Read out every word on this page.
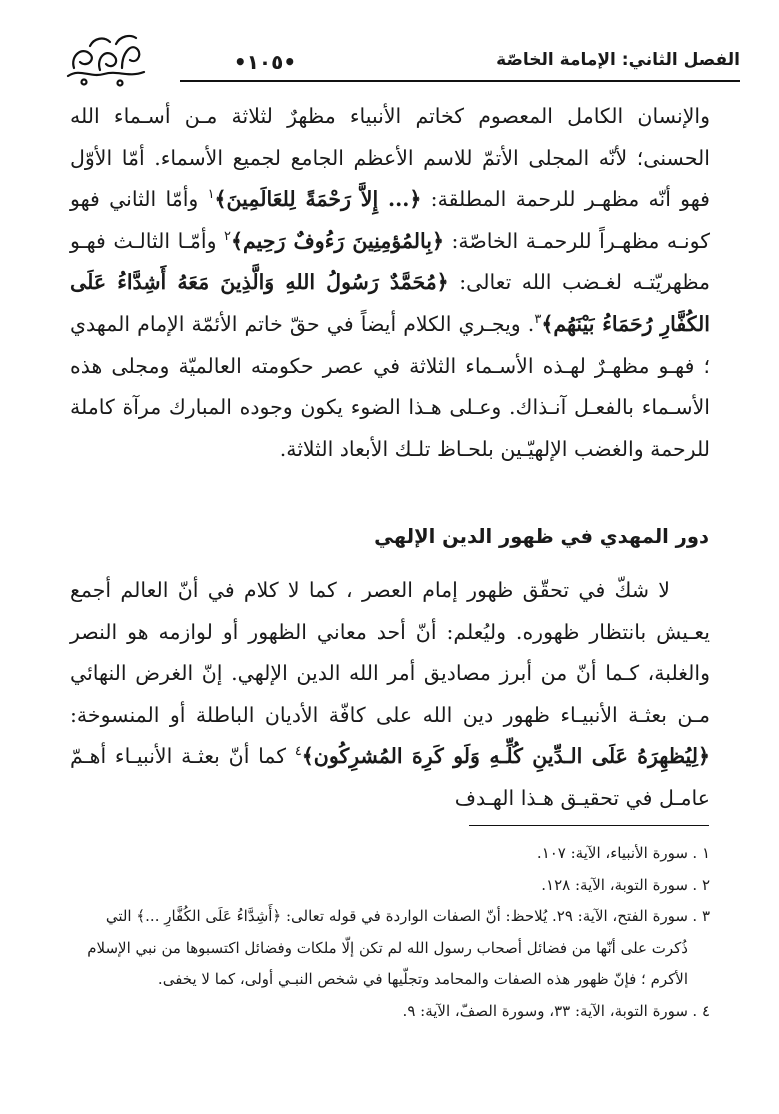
•١٠٥•	الفصل الثاني: الإمامة الخاصّة

والإنسان الكامل المعصوم كخاتم الأنبياء مظهرٌ لثلاثة مـن أسـماء الله الحسنى؛ لأنّه المجلى الأتمّ للاسم الأعظم الجامع لجميع الأسماء. أمّا الأوّل فهو أنّه مظهـر للرحمة المطلقة: ﴿... إِلاَّ رَحْمَةً لِلعَالَمِينَ﴾$^١$ وأمّا الثاني فهو كونـه مظهـراً للرحمـة الخاصّة: ﴿بِالمُؤمِنِينَ رَءُوفٌ رَحِيم﴾$^٢$ وأمّـا الثالـث فهـو مظهريّتـه لغـضب الله تعالى: ﴿مُحَمَّدٌ رَسُولُ اللهِ وَالَّذِينَ مَعَهُ أَشِدَّاءُ عَلَى الكُفَّارِ رُحَمَاءُ بَيْنَهُم﴾$^٣$. ويجـري الكلام أيضاً في حقّ خاتم الأئمّة الإمام المهدي ؛ فهـو مظهـرٌ لهـذه الأسـماء الثلاثة في عصر حكومته العالميّة ومجلى هذه الأسـماء بالفعـل آنـذاك. وعـلى هـذا الضوء يكون وجوده المبارك مرآة كاملة للرحمة والغضب الإلهيّـين بلحـاظ تلـك الأبعاد الثلاثة.

دور المهدي في ظهور الدين الإلهي

لا شكّ في تحقّق ظهور إمام العصر ، كما لا كلام في أنّ العالم أجمع يعـيش بانتظار ظهوره. وليُعلم: أنّ أحد معاني الظهور أو لوازمه هو النصر والغلبة، كـما أنّ من أبرز مصاديق أمر الله الدين الإلهي. إنّ الغرض النهائي مـن بعثـة الأنبيـاء ظهور دين الله على كافّة الأديان الباطلة أو المنسوخة: ﴿لِيُظهِرَهُ عَلَى الـدِّينِ كُلِّـهِ وَلَو كَرِهَ المُشرِكُون﴾$^٤$ كما أنّ بعثـة الأنبيـاء أهـمّ عامـل في تحقيـق هـذا الهـدف

١ .سورة الأنبياء، الآية: ١٠٧.

٢ .سورة التوبة، الآية: ١٢٨.

٣ .سورة الفتح، الآية: ٢٩. يُلاحظ: أنّ الصفات الواردة في قوله تعالى: ﴿أَشِدَّاءُ عَلَى الكُفَّارِ ...﴾ التي ذُكرت على أنّها من فضائل أصحاب رسول الله لم تكن إلّا ملكات وفضائل اكتسبوها من نبي الإسلام الأكرم ؛ فإنّ ظهور هذه الصفات والمحامد وتجلّيها في شخص النبـي أولى، كما لا يخفى.

٤ .سورة التوبة، الآية: ٣٣، وسورة الصفّ، الآية: ٩.
